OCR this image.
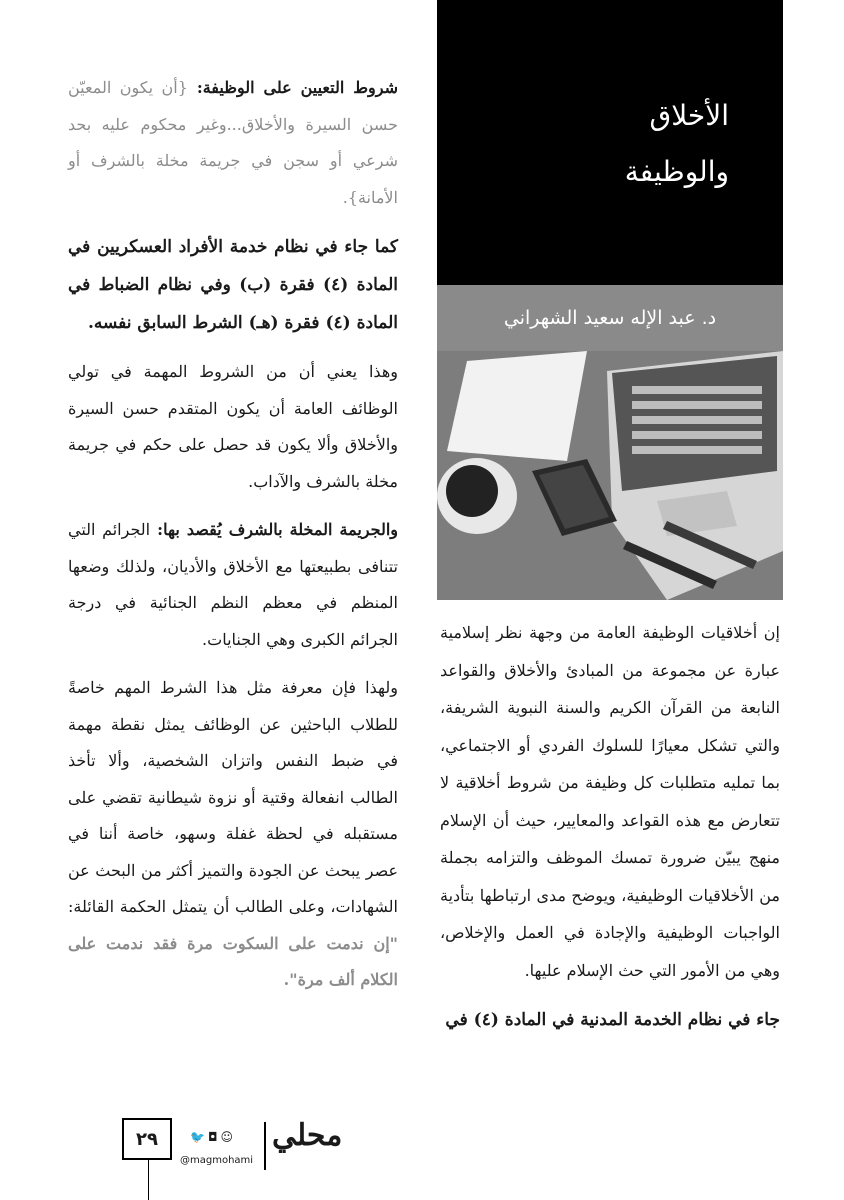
الأخلاق
والوظيفة
د. عبد الإله سعيد الشهراني

إن أخلاقيات الوظيفة العامة من وجهة نظر إسلامية عبارة عن مجموعة من المبادئ والأخلاق والقواعد النابعة من القرآن الكريم والسنة النبوية الشريفة، والتي تشكل معيارًا للسلوك الفردي أو الاجتماعي، بما تمليه متطلبات كل وظيفة من شروط أخلاقية لا تتعارض مع هذه القواعد والمعايير، حيث أن الإسلام منهج يبيّن ضرورة تمسك الموظف والتزامه بجملة من الأخلاقيات الوظيفية، ويوضح مدى ارتباطها بتأدية الواجبات الوظيفية والإجادة في العمل والإخلاص، وهي من الأمور التي حث الإسلام عليها.

جاء في نظام الخدمة المدنية في المادة (٤) في

شروط التعيين على الوظيفة: {أن يكون المعيّن حسن السيرة والأخلاق...وغير محكوم عليه بحد شرعي أو سجن في جريمة مخلة بالشرف أو الأمانة}.

كما جاء في نظام خدمة الأفراد العسكريين في المادة (٤) فقرة (ب) وفي نظام الضباط في المادة (٤) فقرة (هـ) الشرط السابق نفسه.

وهذا يعني أن من الشروط المهمة في تولي الوظائف العامة أن يكون المتقدم حسن السيرة والأخلاق وألا يكون قد حصل على حكم في جريمة مخلة بالشرف والآداب.

والجريمة المخلة بالشرف يُقصد بها: الجرائم التي تتنافى بطبيعتها مع الأخلاق والأديان، ولذلك وضعها المنظم في معظم النظم الجنائية في درجة الجرائم الكبرى وهي الجنايات.

ولهذا فإن معرفة مثل هذا الشرط المهم خاصةً للطلاب الباحثين عن الوظائف يمثل نقطة مهمة في ضبط النفس واتزان الشخصية، وألا تأخذ الطالب انفعالة وقتية أو نزوة شيطانية تقضي على مستقبله في لحظة غفلة وسهو، خاصة أننا في عصر يبحث عن الجودة والتميز أكثر من البحث عن الشهادات، وعلى الطالب أن يتمثل الحكمة القائلة: "إن ندمت على السكوت مرة فقد ندمت على الكلام ألف مرة".

٢٩	🐦◘☺
@magmohami
محلي
